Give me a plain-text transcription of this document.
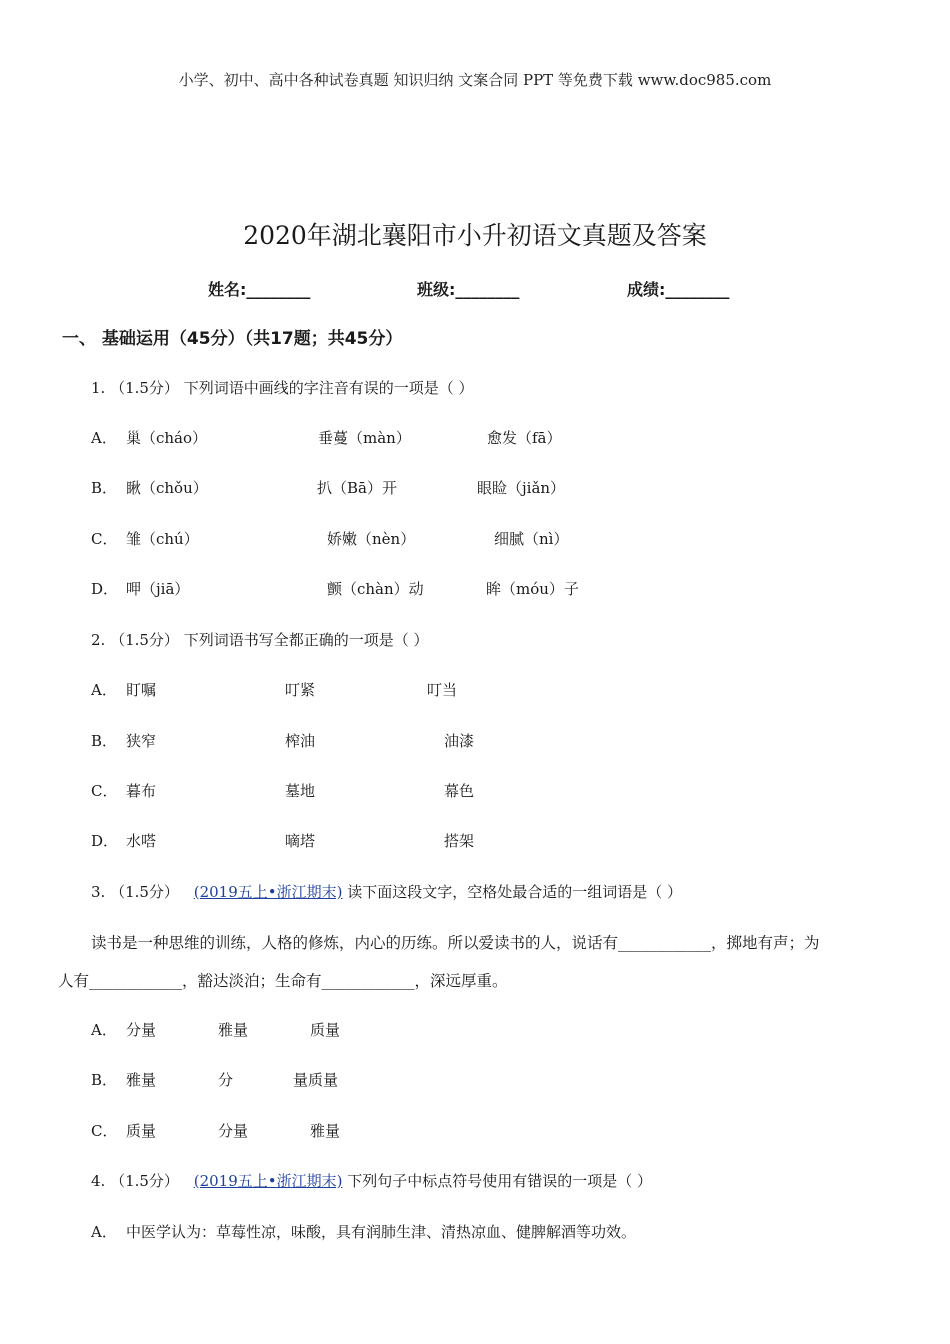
小学、初中、高中各种试卷真题 知识归纳 文案合同 PPT 等免费下载 www.doc985.com
2020年湖北襄阳市小升初语文真题及答案
姓名:________	班级:________	成绩:________
一、 基础运用（45分）（共17题；共45分）
1. （1.5分） 下列词语中画线的字注音有误的一项是（ ）
A． 巢（cháo）	垂蔓（màn）	愈发（fā）
B． 瞅（chǒu）	扒（Bā）开	眼睑（jiǎn）
C． 雏（chú）	娇嫩（nèn）	细腻（nì）
D． 呷（jiā）	颤（chàn）动	眸（móu）子
2. （1.5分） 下列词语书写全都正确的一项是（ ）
A． 盯嘱	叮紧	叮当
B． 狭窄	榨油	油漆
C． 暮布	墓地	幕色
D． 水嗒	嘀塔	搭架
3. （1.5分） (2019五上•浙江期末) 读下面这段文字，空格处最合适的一组词语是（ ）
读书是一种思维的训练，人格的修炼，内心的历练。所以爱读书的人，说话有____________，掷地有声；为
人有____________，豁达淡泊；生命有____________，深远厚重。
A． 分量	雅量	质量
B． 雅量	分	量质量
C． 质量	分量	雅量
4. （1.5分） (2019五上•浙江期末) 下列句子中标点符号使用有错误的一项是（ ）
A． 中医学认为：草莓性凉，味酸，具有润肺生津、清热凉血、健脾解酒等功效。
